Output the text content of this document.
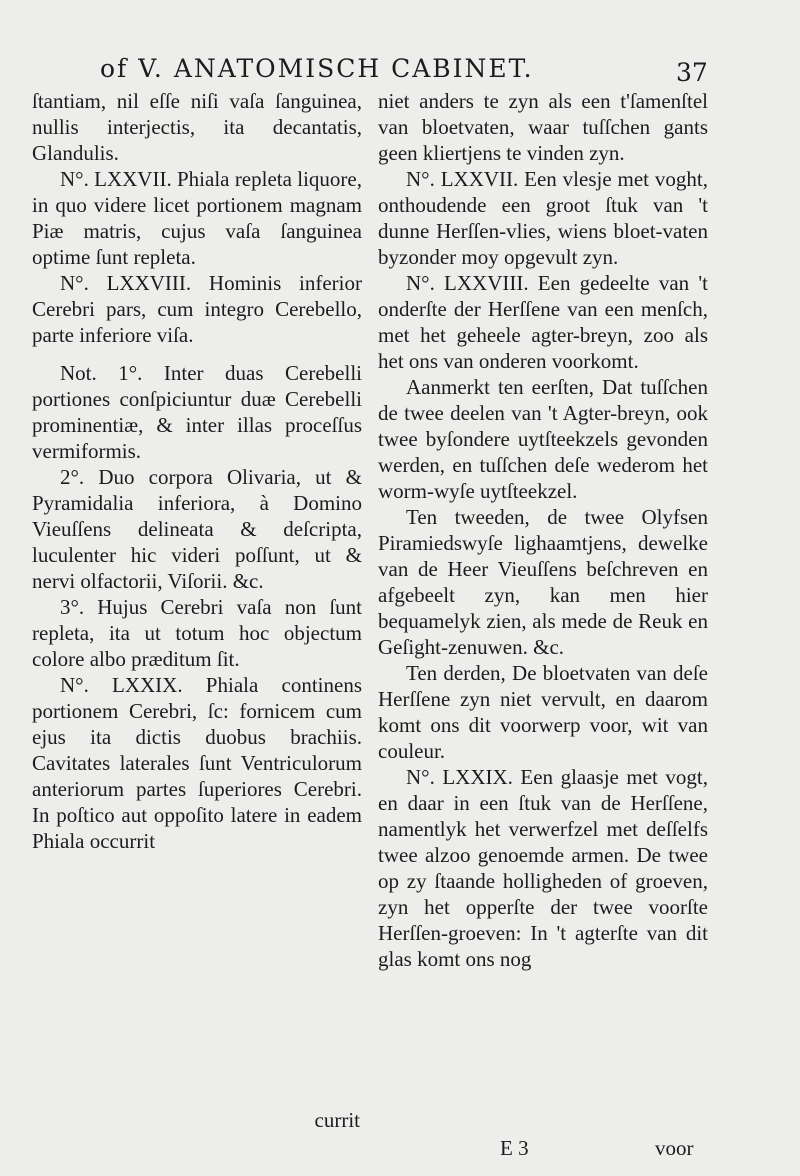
of V. ANATOMISCH CABINET.	37

ſtantiam, nil eſſe niſi vaſa ſanguinea, nullis interjectis, ita decantatis, Glandulis.

N°. LXXVII. Phiala repleta liquore, in quo videre licet portionem magnam Piæ matris, cujus vaſa ſanguinea optime ſunt repleta.

N°. LXXVIII. Hominis inferior Cerebri pars, cum integro Cerebello, parte inferiore viſa.

Not. 1°. Inter duas Cerebelli portiones conſpiciuntur duæ Cerebelli prominentiæ, & inter illas proceſſus vermiformis.

2°. Duo corpora Olivaria, ut & Pyramidalia inferiora, à Domino Vieuſſens delineata & deſcripta, luculenter hic videri poſſunt, ut & nervi olfactorii, Viſorii. &c.

3°. Hujus Cerebri vaſa non ſunt repleta, ita ut totum hoc objectum colore albo præditum ſit.

N°. LXXIX. Phiala continens portionem Cerebri, ſc: fornicem cum ejus ita dictis duobus brachiis. Cavitates laterales ſunt Ventriculorum anteriorum partes ſuperiores Cerebri. In poſtico aut oppoſito latere in eadem Phiala occurrit

niet anders te zyn als een t'ſamenſtel van bloetvaten, waar tuſſchen gants geen kliertjens te vinden zyn.

N°. LXXVII. Een vlesje met voght, onthoudende een groot ſtuk van 't dunne Herſſen-vlies, wiens bloet-vaten byzonder moy opgevult zyn.

N°. LXXVIII. Een gedeelte van 't onderſte der Herſſene van een menſch, met het geheele agter-breyn, zoo als het ons van onderen voorkomt.

Aanmerkt ten eerſten, Dat tuſſchen de twee deelen van 't Agter-breyn, ook twee byſondere uytſteekzels gevonden werden, en tuſſchen deſe wederom het worm-wyſe uytſteekzel.

Ten tweeden, de twee Olyfsen Piramiedswyſe lighaamtjens, dewelke van de Heer Vieuſſens beſchreven en afgebeelt zyn, kan men hier bequamelyk zien, als mede de Reuk en Geſight-zenuwen. &c.

Ten derden, De bloetvaten van deſe Herſſene zyn niet vervult, en daarom komt ons dit voorwerp voor, wit van couleur.

N°. LXXIX. Een glaasje met vogt, en daar in een ſtuk van de Herſſene, namentlyk het verwerfzel met deſſelfs twee alzoo genoemde armen. De twee op zy ſtaande holligheden of groeven, zyn het opperſte der twee voorſte Herſſen-groeven: In 't agterſte van dit glas komt ons nog

currit
E 3	voor
